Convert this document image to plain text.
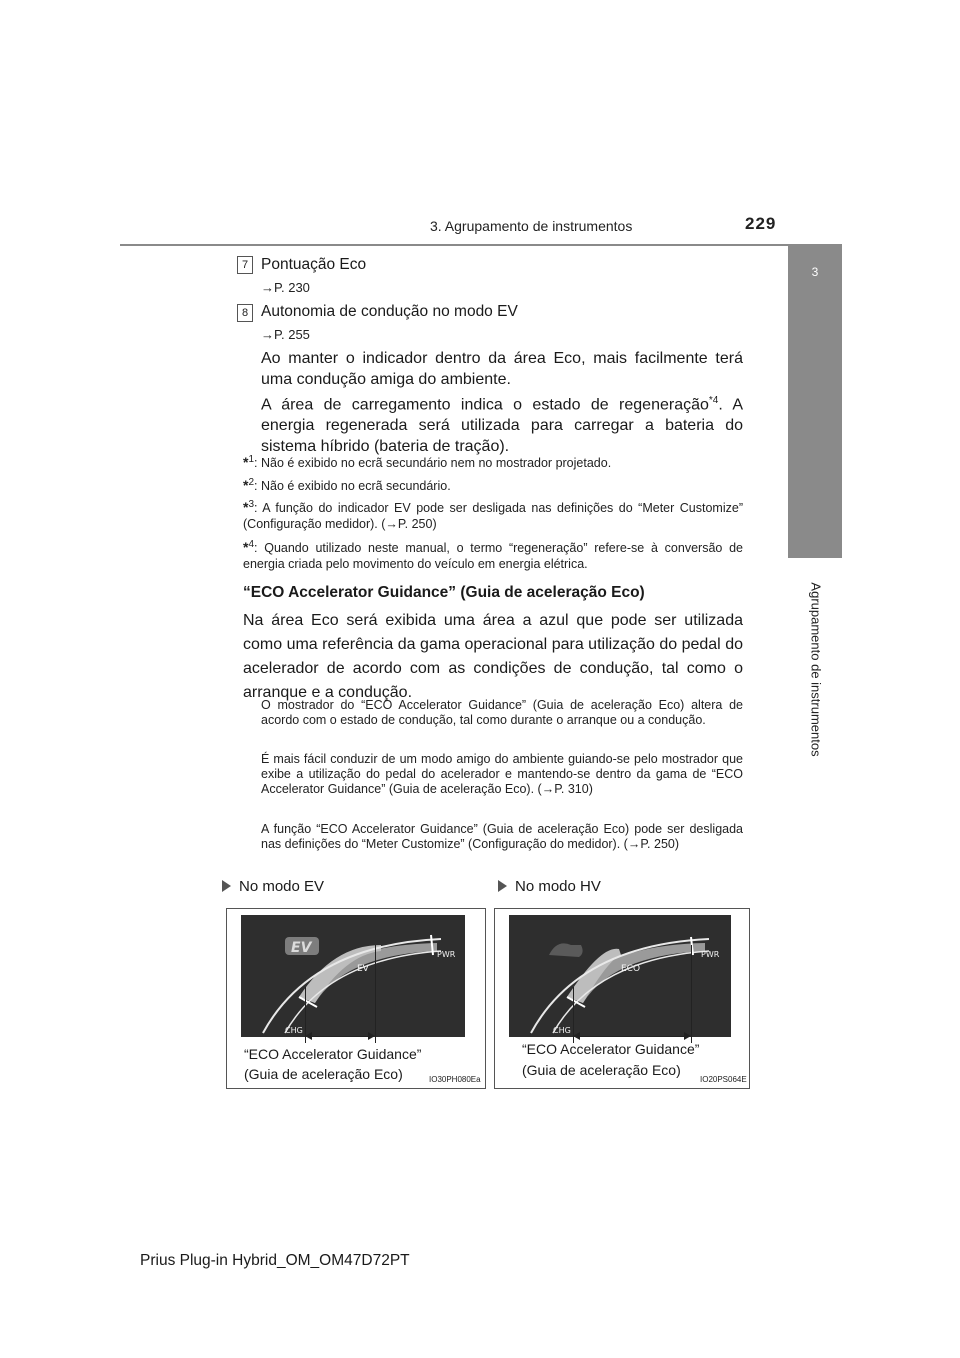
3. Agrupamento de instrumentos	229
3
Agrupamento de instrumentos
7 Pontuação Eco
→P. 230
8 Autonomia de condução no modo EV
→P. 255
Ao manter o indicador dentro da área Eco, mais facilmente terá uma condução amiga do ambiente.
A área de carregamento indica o estado de regeneração$^{*4}$. A energia regenerada será utilizada para carregar a bateria do sistema híbrido (bateria de tração).
*$^1$: Não é exibido no ecrã secundário nem no mostrador projetado.
*$^2$: Não é exibido no ecrã secundário.
*$^3$: A função do indicador EV pode ser desligada nas definições do “Meter Customize” (Configuração medidor). (→P. 250)
*$^4$: Quando utilizado neste manual, o termo “regeneração” refere-se à conversão de energia criada pelo movimento do veículo em energia elétrica.
“ECO Accelerator Guidance” (Guia de aceleração Eco)
Na área Eco será exibida uma área a azul que pode ser utilizada como uma referência da gama operacional para utilização do pedal do acelerador de acordo com as condições de condução, tal como o arranque e a condução.
O mostrador do “ECO Accelerator Guidance” (Guia de aceleração Eco) altera de acordo com o estado de condução, tal como durante o arranque ou a condução.
É mais fácil conduzir de um modo amigo do ambiente guiando-se pelo mostrador que exibe a utilização do pedal do acelerador e mantendo-se dentro da gama de “ECO Accelerator Guidance” (Guia de aceleração Eco). (→P. 310)
A função “ECO Accelerator Guidance” (Guia de aceleração Eco) pode ser desligada nas definições do “Meter Customize” (Configuração do medidor). (→P. 250)
No modo EV	No modo HV
EV
EV
PWR
CHG
“ECO Accelerator Guidance”
(Guia de aceleração Eco)	IO30PH080Ea
ECO
PWR
CHG
“ECO Accelerator Guidance”
(Guia de aceleração Eco)
IO20PS064E
Prius Plug-in Hybrid_OM_OM47D72PT
